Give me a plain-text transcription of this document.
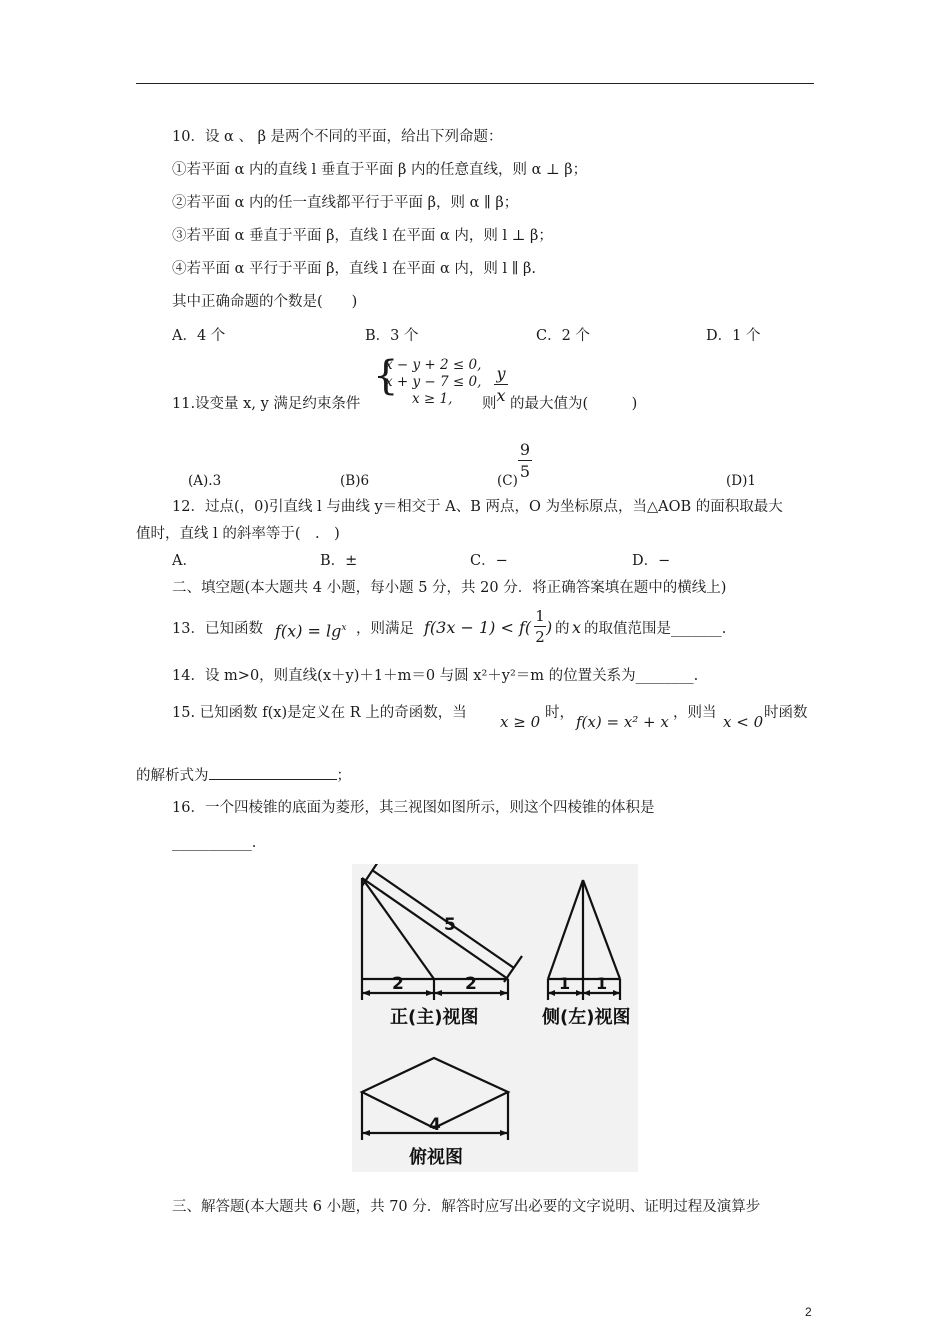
10．设 α 、 β 是两个不同的平面，给出下列命题：
①若平面 α 内的直线 l 垂直于平面 β 内的任意直线，则 α ⊥ β；
②若平面 α 内的任一直线都平行于平面 β，则 α ∥ β；
③若平面 α 垂直于平面 β，直线 l 在平面 α 内，则 l ⊥ β；
④若平面 α 平行于平面 β，直线 l 在平面 α 内，则 l ∥ β.
其中正确命题的个数是(　　)
A．4 个	B．3 个	C．2 个	D．1 个
11.设变量 x, y 满足约束条件
{
x − y + 2 ≤ 0,
x + y − 7 ≤ 0,
x ≥ 1, 则
y
x 的最大值为(　　　)
(A).3	(B)6	(C)
9
5	(D)1
12．过点(，0)引直线 l 与曲线 y＝相交于 A、B 两点，O 为坐标原点，当△AOB 的面积取最大
值时，直线 l 的斜率等于(　.　)
A．	B．±	C．−	D．−
二、填空题(本大题共 4 小题，每小题 5 分，共 20 分．将正确答案填在题中的横线上)
13．已知函数 $f(x) = \lg^x$ ，则满足 f(3x − 1) < f(
1
2 ) 的 x 的取值范围是_______.
14．设 m>0，则直线(x＋y)＋1＋m＝0 与圆 x²＋y²＝m 的位置关系为________.
15. 已知函数 f(x)是定义在 R 上的奇函数，当 x ≥ 0 时， f(x) = x² + x ，则当 x < 0 时函数
的解析式为	；
16．一个四棱锥的底面为菱形，其三视图如图所示，则这个四棱锥的体积是
___________.
5
2	2	1 1
4
正(主)视图	侧(左)视图
俯视图
三、解答题(本大题共 6 小题，共 70 分．解答时应写出必要的文字说明、证明过程及演算步
2
